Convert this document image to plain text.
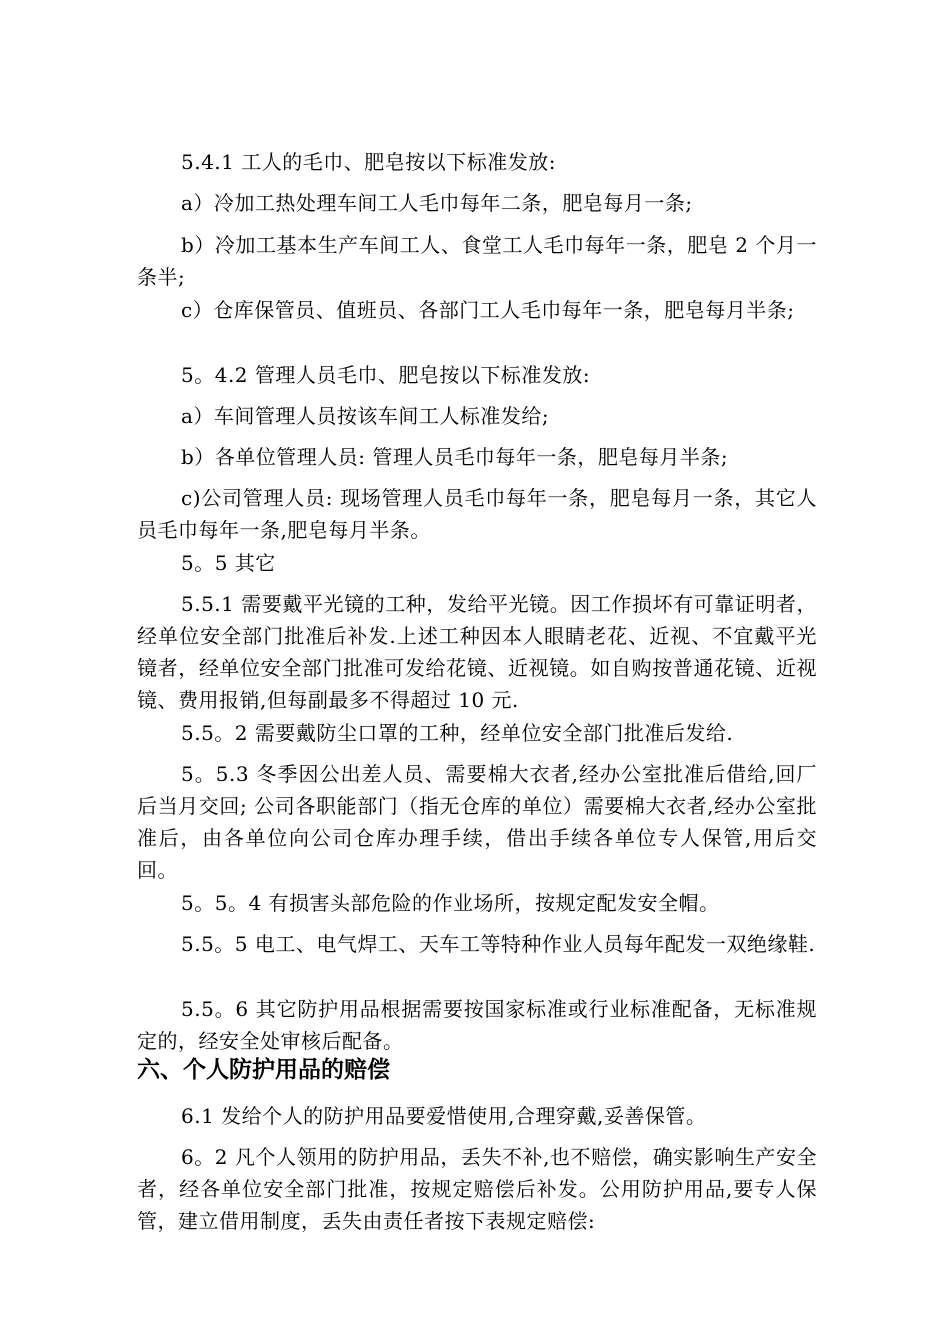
5.4.1 工人的毛巾、肥皂按以下标准发放:

a）冷加工热处理车间工人毛巾每年二条，肥皂每月一条;

b）冷加工基本生产车间工人、食堂工人毛巾每年一条，肥皂 2 个月一条半;

c）仓库保管员、值班员、各部门工人毛巾每年一条，肥皂每月半条;

5。4.2 管理人员毛巾、肥皂按以下标准发放:

a）车间管理人员按该车间工人标准发给;

b）各单位管理人员: 管理人员毛巾每年一条，肥皂每月半条;

c)公司管理人员: 现场管理人员毛巾每年一条，肥皂每月一条，其它人员毛巾每年一条,肥皂每月半条。

5。5 其它

5.5.1 需要戴平光镜的工种，发给平光镜。因工作损坏有可靠证明者，经单位安全部门批准后补发.上述工种因本人眼睛老花、近视、不宜戴平光镜者，经单位安全部门批准可发给花镜、近视镜。如自购按普通花镜、近视镜、费用报销,但每副最多不得超过 10 元.

5.5。2 需要戴防尘口罩的工种，经单位安全部门批准后发给.

5。5.3 冬季因公出差人员、需要棉大衣者,经办公室批准后借给,回厂后当月交回; 公司各职能部门（指无仓库的单位）需要棉大衣者,经办公室批准后，由各单位向公司仓库办理手续，借出手续各单位专人保管,用后交回。

5。5。4 有损害头部危险的作业场所，按规定配发安全帽。

5.5。5 电工、电气焊工、天车工等特种作业人员每年配发一双绝缘鞋.

5.5。6 其它防护用品根据需要按国家标准或行业标准配备，无标准规定的，经安全处审核后配备。

六、个人防护用品的赔偿

6.1 发给个人的防护用品要爱惜使用,合理穿戴,妥善保管。

6。2 凡个人领用的防护用品，丢失不补,也不赔偿，确实影响生产安全者，经各单位安全部门批准，按规定赔偿后补发。公用防护用品,要专人保管，建立借用制度，丢失由责任者按下表规定赔偿:
